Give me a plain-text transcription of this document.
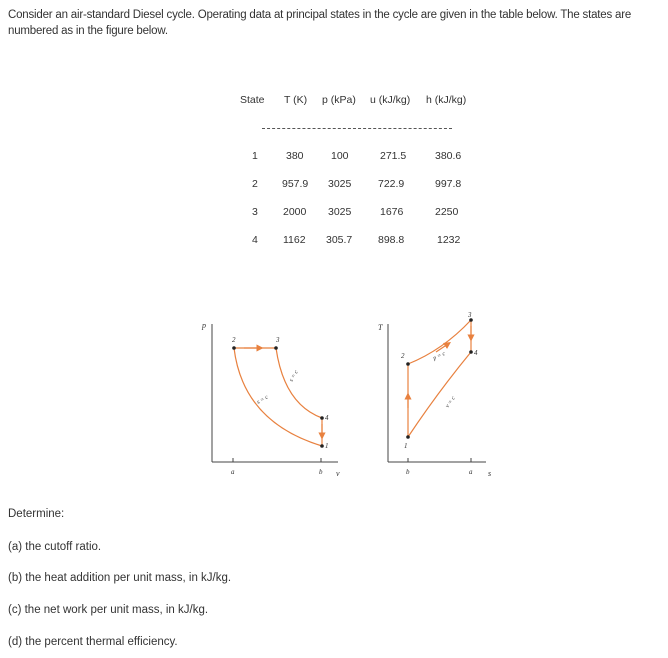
Consider an air-standard Diesel cycle. Operating data at principal states in the cycle are given in the table below. The states are numbered as in the figure below.
State T (K) p (kPa) u (kJ/kg) h (kJ/kg)
1	380	100	271.5	380.6
2 957.9 3025	722.9	997.8
3 2000 3025	1676	2250
4 1162 305.7 898.8	1232
p
v
a	b
s = c
s = c
2	3
4
1
T
s
b	a
p = c
v = c
1
2
3
4
Determine:
(a) the cutoff ratio.
(b) the heat addition per unit mass, in kJ/kg.
(c) the net work per unit mass, in kJ/kg.
(d) the percent thermal efficiency.
